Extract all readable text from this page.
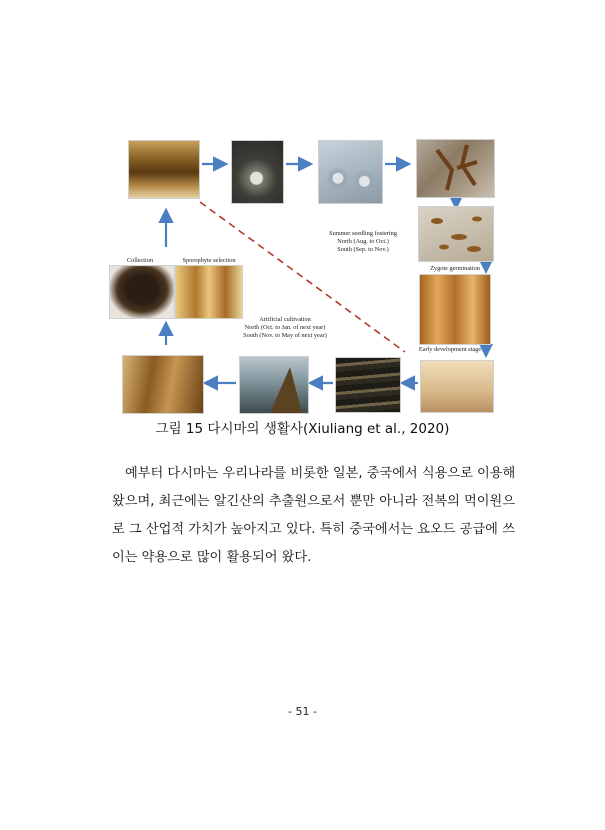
Summer seedling fostering
North (Aug. to Oct.)
South (Sep. to Nov.)
Zygote germination
Early development stage
Collection	Sporophyte selection
Artificial cultivation
North (Oct. to Jan. of next year)
South (Nov. to May of next year)
그림 15 다시마의 생활사(Xiuliang et al., 2020)
예부터 다시마는 우리나라를 비롯한 일본, 중국에서 식용으로 이용해
왔으며, 최근에는 알긴산의 추출원으로서 뿐만 아니라 전복의 먹이원으
로 그 산업적 가치가 높아지고 있다. 특히 중국에서는 요오드 공급에 쓰
이는 약용으로 많이 활용되어 왔다.
- 51 -
